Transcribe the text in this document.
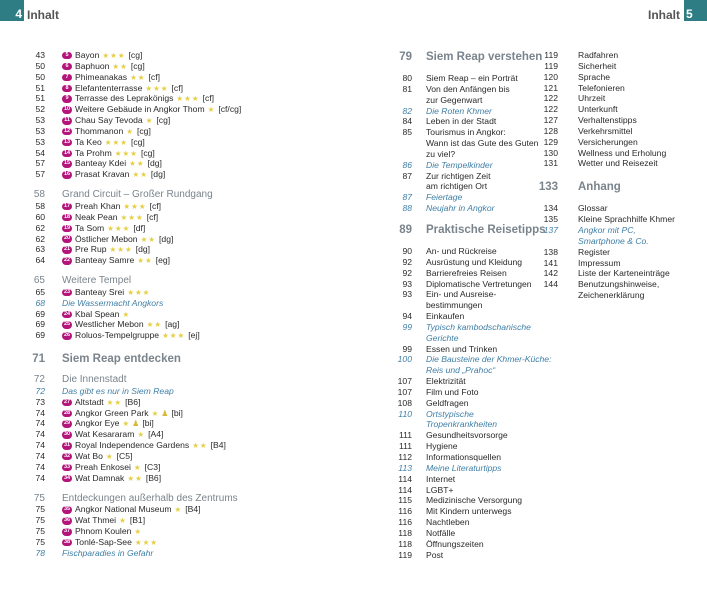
4 Inhalt	Inhalt 5
43	5 Bayon ★★★ [cg]
50	6 Baphuon ★★ [cg]
50	7 Phimeanakas ★★ [cf]
51	8 Elefantenterrasse ★★★ [cf]
51	9 Terrasse des Leprakönigs ★★★ [cf]
52	10 Weitere Gebäude in Angkor Thom ★ [cf/cg]
53	11 Chau Say Tevoda ★ [cg]
53	12 Thommanon ★ [cg]
53	13 Ta Keo ★★★ [cg]
54	14 Ta Prohm ★★★ [cg]
57	15 Banteay Kdei ★★ [dg]
57	16 Prasat Kravan ★★ [dg]
58 Grand Circuit – Großer Rundgang
58	17 Preah Khan ★★★ [cf]
60	18 Neak Pean ★★★ [cf]
62	19 Ta Som ★★★ [df]
62	20 Östlicher Mebon ★★ [dg]
63	21 Pre Rup ★★★ [dg]
64	22 Banteay Samre ★★ [eg]
65 Weitere Tempel
65	23 Banteay Srei ★★★
68 Die Wassermacht Angkors
69	24 Kbal Spean ★
69	25 Westlicher Mebon ★★ [ag]
69	26 Roluos-Tempelgruppe ★★★ [ej]
71 Siem Reap entdecken
72 Die Innenstadt
72 Das gibt es nur in Siem Reap
73	27 Altstadt ★★ [B6]
74	28 Angkor Green Park ★ ♟ [bi]
74	29 Angkor Eye ★ ♟ [bi]
74	30 Wat Kesararam ★ [A4]
74	31 Royal Independence Gardens ★★ [B4]
74	32 Wat Bo ★ [C5]
74	33 Preah Enkosei ★ [C3]
74	34 Wat Damnak ★★ [B6]
75 Entdeckungen außerhalb des Zentrums
75	35 Angkor National Museum ★ [B4]
75	36 Wat Thmei ★ [B1]
75	37 Phnom Koulen ★
75	38 Tonlé-Sap-See ★★★
78 Fischparadies in Gefahr
79 Siem Reap verstehen
80 Siem Reap – ein Porträt
81 Von den Anfängen bis
zur Gegenwart
82 Die Roten Khmer
84 Leben in der Stadt
85 Tourismus in Angkor:
Wann ist das Gute des Guten
zu viel?
86 Die Tempelkinder
87 Zur richtigen Zeit
am richtigen Ort
87 Feiertage
88 Neujahr in Angkor
89 Praktische Reisetipps
90 An- und Rückreise
92 Ausrüstung und Kleidung
92 Barrierefreies Reisen
93 Diplomatische Vertretungen
93 Ein- und Ausreise-
bestimmungen
94 Einkaufen
99 Typisch kambodschanische
Gerichte
99 Essen und Trinken
100 Die Bausteine der Khmer-Küche:
Reis und „Prahoc“
107 Elektrizität
107 Film und Foto
108 Geldfragen
110 Ortstypische
Tropenkrankheiten
111 Gesundheitsvorsorge
111 Hygiene
112 Informationsquellen
113 Meine Literaturtipps
114 Internet
114 LGBT+
115 Medizinische Versorgung
116 Mit Kindern unterwegs
116 Nachtleben
118 Notfälle
118 Öffnungszeiten
119 Post
119 Radfahren
119 Sicherheit
120 Sprache
121 Telefonieren
122 Uhrzeit
122 Unterkunft
127 Verhaltenstipps
128 Verkehrsmittel
129 Versicherungen
130 Wellness und Erholung
131 Wetter und Reisezeit
133 Anhang
134 Glossar
135 Kleine Sprachhilfe Khmer
137 Angkor mit PC,
Smartphone & Co.
138 Register
141 Impressum
142 Liste der Karteneinträge
144 Benutzungshinweise,
Zeichenerklärung
